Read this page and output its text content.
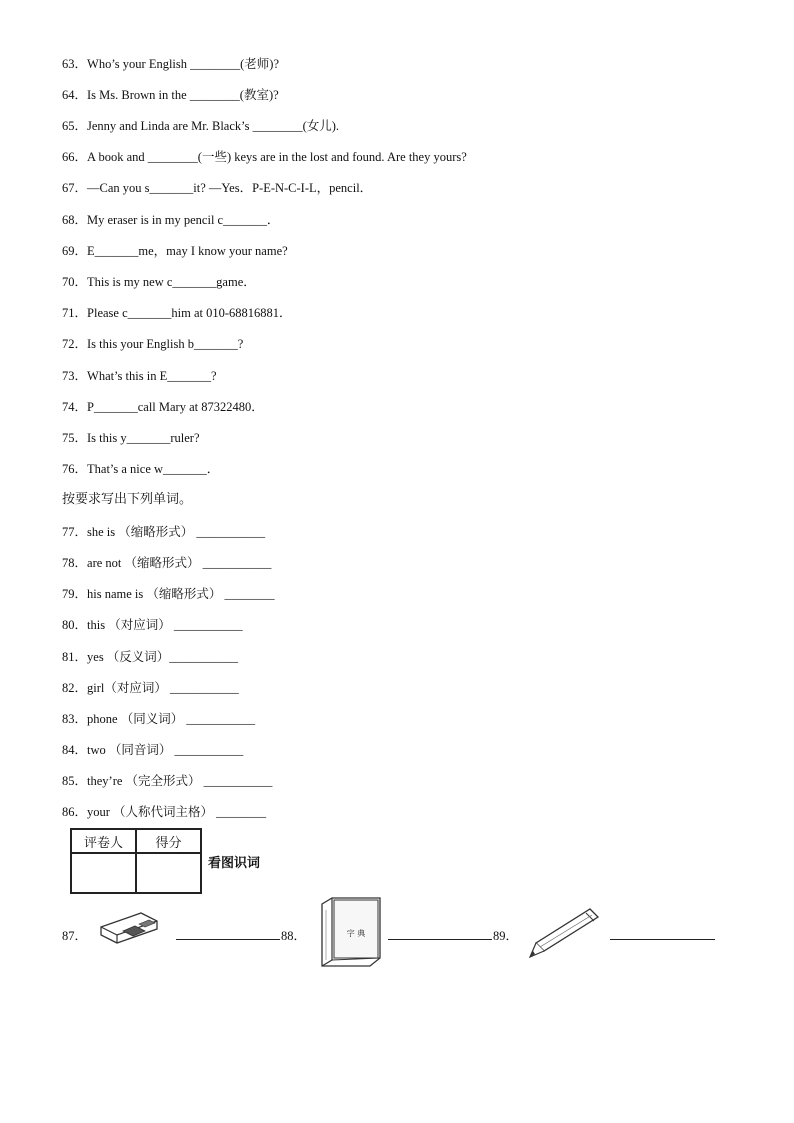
63．Who’s your English ________(老师)?
64．Is Ms. Brown in the ________(教室)?
65．Jenny and Linda are Mr. Black’s ________(女儿).
66．A book and ________(一些) keys are in the lost and found. Are they yours?
67．—Can you s_______it? —Yes．P-E-N-C-I-L，pencil．
68．My eraser is in my pencil c_______．
69．E_______me，may I know your name?
70．This is my new c_______game．
71．Please c_______him at 010-68816881．
72．Is this your English b_______?
73．What’s this in E_______?
74．P_______call Mary at 87322480．
75．Is this y_______ruler?
76．That’s a nice w_______．
按要求写出下列单词。
77．she is （缩略形式） ___________
78．are not （缩略形式） ___________
79．his name is （缩略形式） ________
80．this （对应词） ___________
81．yes （反义词）___________
82．girl（对应词） ___________
83．phone （同义词） ___________
84．two （同音词） ___________
85．they’re （完全形式） ___________
86．your （人称代词主格） ________
评卷人	得分

看图识词
87．	88．	字 典	89．
